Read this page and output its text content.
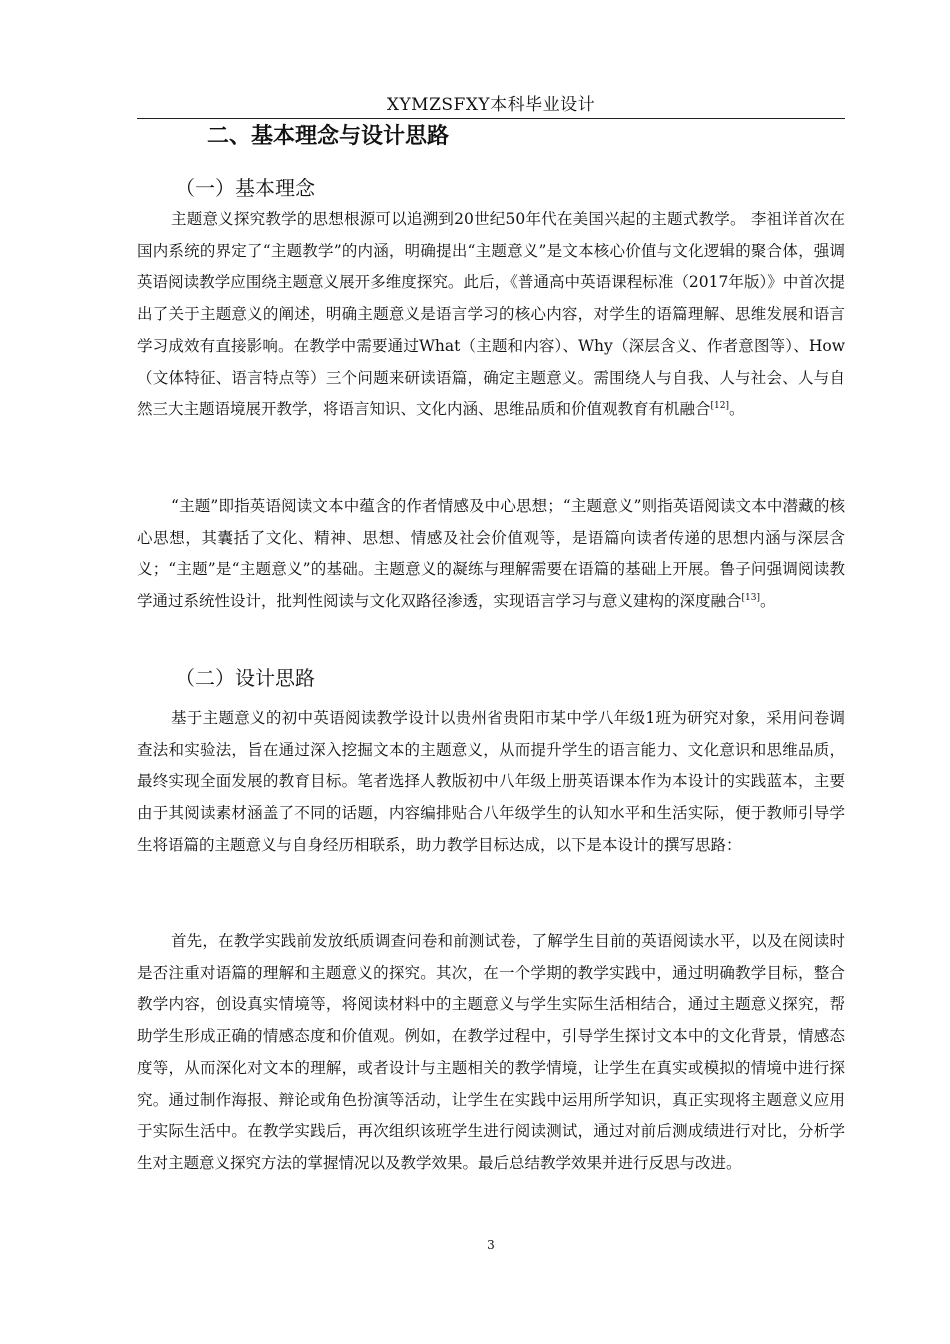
XYMZSFXY本科毕业设计
二、基本理念与设计思路
（一）基本理念

主题意义探究教学的思想根源可以追溯到20世纪50年代在美国兴起的主题式教学。 李祖详首次在国内系统的界定了“主题教学”的内涵，明确提出“主题意义”是文本核心价值与文化逻辑的聚合体，强调英语阅读教学应围绕主题意义展开多维度探究。此后，《普通高中英语课程标准（2017年版）》中首次提出了关于主题意义的阐述，明确主题意义是语言学习的核心内容，对学生的语篇理解、思维发展和语言学习成效有直接影响。在教学中需要通过What（主题和内容）、Why（深层含义、作者意图等）、How（文体特征、语言特点等）三个问题来研读语篇，确定主题意义。需围绕人与自我、人与社会、人与自然三大主题语境展开教学，将语言知识、文化内涵、思维品质和价值观教育有机融合[12]。

“主题”即指英语阅读文本中蕴含的作者情感及中心思想；“主题意义”则指英语阅读文本中潜藏的核心思想，其囊括了文化、精神、思想、情感及社会价值观等，是语篇向读者传递的思想内涵与深层含义；“主题”是“主题意义”的基础。主题意义的凝练与理解需要在语篇的基础上开展。鲁子问强调阅读教学通过系统性设计，批判性阅读与文化双路径渗透，实现语言学习与意义建构的深度融合[13]。

（二）设计思路

基于主题意义的初中英语阅读教学设计以贵州省贵阳市某中学八年级1班为研究对象，采用问卷调查法和实验法，旨在通过深入挖掘文本的主题意义，从而提升学生的语言能力、文化意识和思维品质，最终实现全面发展的教育目标。笔者选择人教版初中八年级上册英语课本作为本设计的实践蓝本，主要由于其阅读素材涵盖了不同的话题，内容编排贴合八年级学生的认知水平和生活实际，便于教师引导学生将语篇的主题意义与自身经历相联系，助力教学目标达成，以下是本设计的撰写思路：

首先，在教学实践前发放纸质调查问卷和前测试卷，了解学生目前的英语阅读水平，以及在阅读时是否注重对语篇的理解和主题意义的探究。其次，在一个学期的教学实践中，通过明确教学目标，整合教学内容，创设真实情境等，将阅读材料中的主题意义与学生实际生活相结合，通过主题意义探究，帮助学生形成正确的情感态度和价值观。例如，在教学过程中，引导学生探讨文本中的文化背景，情感态度等，从而深化对文本的理解，或者设计与主题相关的教学情境，让学生在真实或模拟的情境中进行探究。通过制作海报、辩论或角色扮演等活动，让学生在实践中运用所学知识，真正实现将主题意义应用于实际生活中。在教学实践后，再次组织该班学生进行阅读测试，通过对前后测成绩进行对比，分析学生对主题意义探究方法的掌握情况以及教学效果。最后总结教学效果并进行反思与改进。

3
